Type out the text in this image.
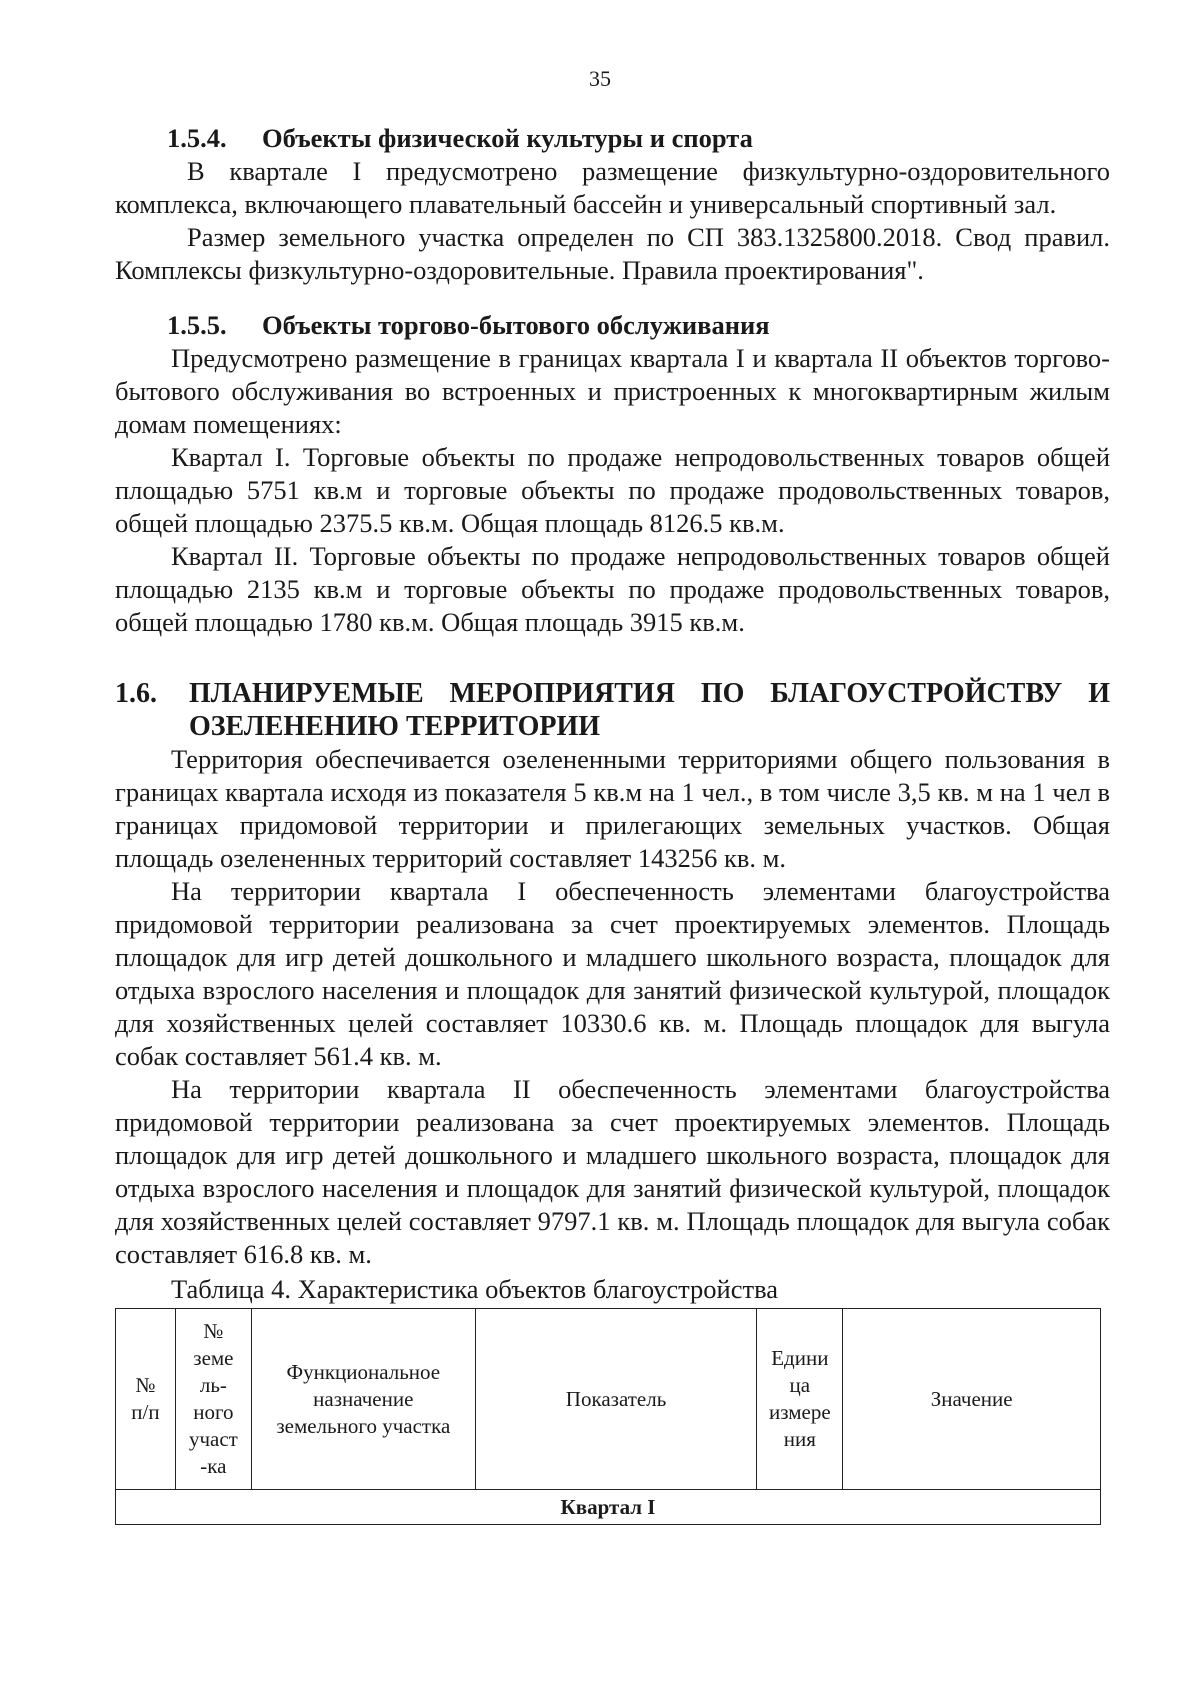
35
1.5.4. Объекты физической культуры и спорта

В квартале I предусмотрено размещение физкультурно-оздоровительного комплекса, включающего плавательный бассейн и универсальный спортивный зал.

Размер земельного участка определен по СП 383.1325800.2018. Свод правил. Комплексы физкультурно-оздоровительные. Правила проектирования".

1.5.5. Объекты торгово-бытового обслуживания

Предусмотрено размещение в границах квартала I и квартала II объектов торгово-бытового обслуживания во встроенных и пристроенных к многоквартирным жилым домам помещениях:

Квартал I. Торговые объекты по продаже непродовольственных товаров общей площадью 5751 кв.м и торговые объекты по продаже продовольственных товаров, общей площадью 2375.5 кв.м. Общая площадь 8126.5 кв.м.

Квартал II. Торговые объекты по продаже непродовольственных товаров общей площадью 2135 кв.м и торговые объекты по продаже продовольственных товаров, общей площадью 1780 кв.м. Общая площадь 3915 кв.м.

1.6.	ПЛАНИРУЕМЫЕ МЕРОПРИЯТИЯ ПО БЛАГОУСТРОЙСТВУ И ОЗЕЛЕНЕНИЮ ТЕРРИТОРИИ

Территория обеспечивается озелененными территориями общего пользования в границах квартала исходя из показателя 5 кв.м на 1 чел., в том числе 3,5 кв. м на 1 чел в границах придомовой территории и прилегающих земельных участков. Общая площадь озелененных территорий составляет 143256 кв. м.

На территории квартала I обеспеченность элементами благоустройства придомовой территории реализована за счет проектируемых элементов. Площадь площадок для игр детей дошкольного и младшего школьного возраста, площадок для отдыха взрослого населения и площадок для занятий физической культурой, площадок для хозяйственных целей составляет 10330.6 кв. м. Площадь площадок для выгула собак составляет 561.4 кв. м.

На территории квартала II обеспеченность элементами благоустройства придомовой территории реализована за счет проектируемых элементов. Площадь площадок для игр детей дошкольного и младшего школьного возраста, площадок для отдыха взрослого населения и площадок для занятий физической культурой, площадок для хозяйственных целей составляет 9797.1 кв. м. Площадь площадок для выгула собак составляет 616.8 кв. м.

Таблица 4. Характеристика объектов благоустройства
№
п/п	№
земе
ль-
ного
участ
-ка	Функциональное
назначение
земельного участка	Показатель	Едини
ца
измере
ния	Значение
Квартал I
